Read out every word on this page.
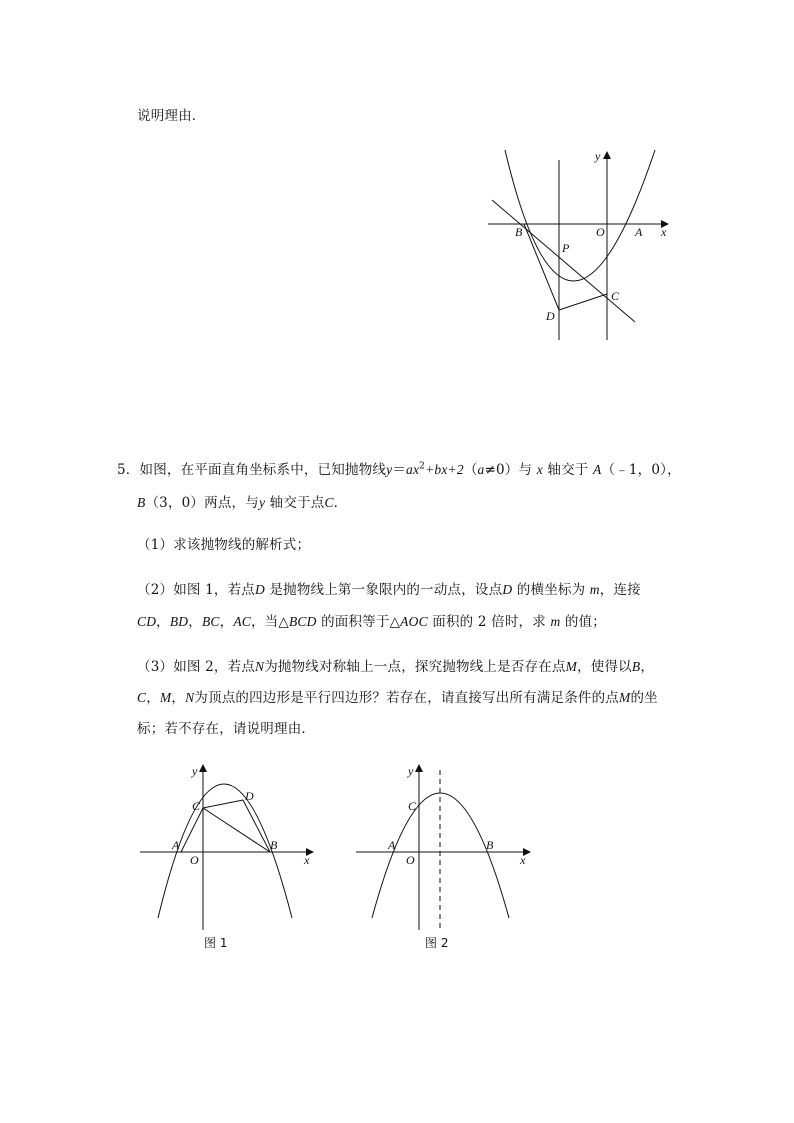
说明理由．
y
x
B	O	A
P
C
D
5．如图，在平面直角坐标系中，已知抛物线$y=ax^2+bx+2(a\ne 0)$与 x 轴交于 A（﹣1，0），
B（3，0）两点，与y 轴交于点C．
（1）求该抛物线的解析式；
（2）如图 1，若点D 是抛物线上第一象限内的一动点，设点D 的横坐标为 m，连接
CD，BD，BC，AC，当△BCD 的面积等于△AOC 面积的 2 倍时，求 m 的值；
（3）如图 2，若点N为抛物线对称轴上一点，探究抛物线上是否存在点M，使得以B，
C，M，N为顶点的四边形是平行四边形？若存在，请直接写出所有满足条件的点M的坐
标；若不存在，请说明理由．
y
x
C
D
A
O
B
图 1
y
x
C
A
O
B
图 2
